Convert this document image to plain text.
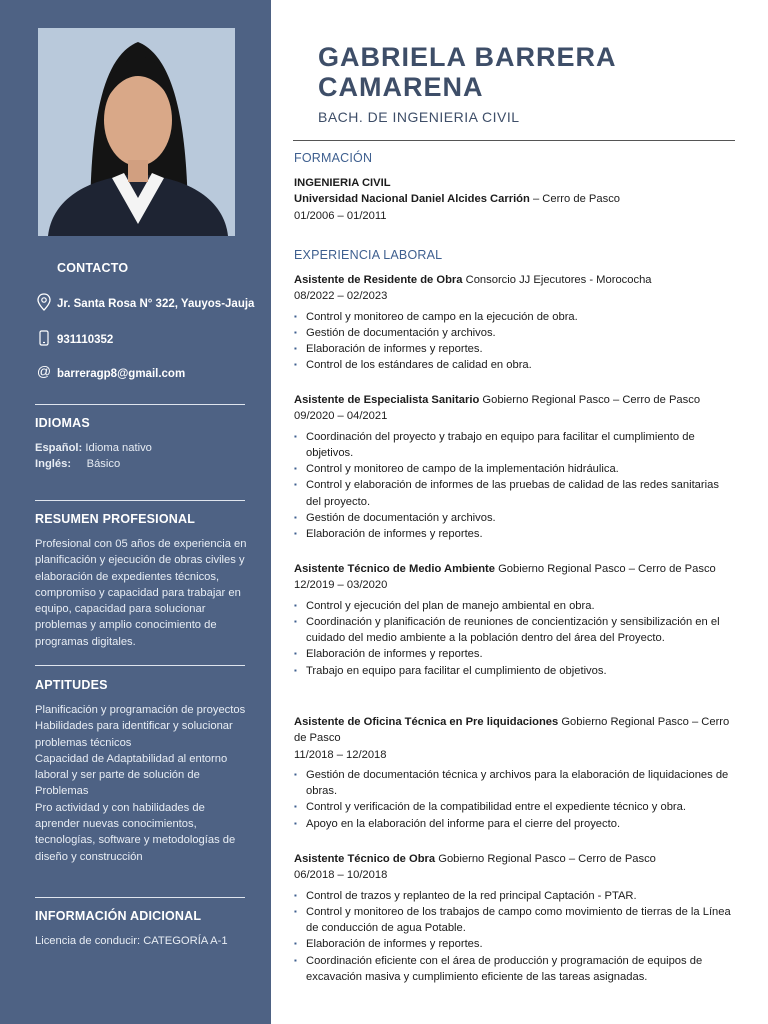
CONTACTO
Jr. Santa Rosa N° 322, Yauyos-Jauja
931110352
@ barreragp8@gmail.com
IDIOMAS
Español: Idioma nativo
Inglés: Básico
RESUMEN PROFESIONAL
Profesional con 05 años de experiencia en planificación y ejecución de obras civiles y elaboración de expedientes técnicos, compromiso y capacidad para trabajar en equipo, capacidad para solucionar problemas y amplio conocimiento de programas digitales.
APTITUDES
Planificación y programación de proyectos
Habilidades para identificar y solucionar problemas técnicos
Capacidad de Adaptabilidad al entorno laboral y ser parte de solución de Problemas
Pro actividad y con habilidades de aprender nuevas conocimientos, tecnologías, software y metodologías de diseño y construcción
INFORMACIÓN ADICIONAL
Licencia de conducir: CATEGORÍA A-1
GABRIELA BARRERA
CAMARENA
BACH. DE INGENIERIA CIVIL
FORMACIÓN
INGENIERIA CIVIL
Universidad Nacional Daniel Alcides Carrión – Cerro de Pasco
01/2006 – 01/2011
EXPERIENCIA LABORAL
Asistente de Residente de Obra Consorcio JJ Ejecutores - Morococha
08/2022 – 02/2023
▪ Control y monitoreo de campo en la ejecución de obra.
▪ Gestión de documentación y archivos.
▪ Elaboración de informes y reportes.
▪ Control de los estándares de calidad en obra.
Asistente de Especialista Sanitario Gobierno Regional Pasco – Cerro de Pasco
09/2020 – 04/2021
▪ Coordinación del proyecto y trabajo en equipo para facilitar el cumplimiento de objetivos.
▪ Control y monitoreo de campo de la implementación hidráulica.
▪ Control y elaboración de informes de las pruebas de calidad de las redes sanitarias del proyecto.
▪ Gestión de documentación y archivos.
▪ Elaboración de informes y reportes.
Asistente Técnico de Medio Ambiente Gobierno Regional Pasco – Cerro de Pasco
12/2019 – 03/2020
▪ Control y ejecución del plan de manejo ambiental en obra.
▪ Coordinación y planificación de reuniones de concientización y sensibilización en el cuidado del medio ambiente a la población dentro del área del Proyecto.
▪ Elaboración de informes y reportes.
▪ Trabajo en equipo para facilitar el cumplimiento de objetivos.
Asistente de Oficina Técnica en Pre liquidaciones Gobierno Regional Pasco – Cerro de Pasco
11/2018 – 12/2018
▪ Gestión de documentación técnica y archivos para la elaboración de liquidaciones de obras.
▪ Control y verificación de la compatibilidad entre el expediente técnico y obra.
▪ Apoyo en la elaboración del informe para el cierre del proyecto.
Asistente Técnico de Obra Gobierno Regional Pasco – Cerro de Pasco
06/2018 – 10/2018
▪ Control de trazos y replanteo de la red principal Captación - PTAR.
▪ Control y monitoreo de los trabajos de campo como movimiento de tierras de la Línea de conducción de agua Potable.
▪ Elaboración de informes y reportes.
▪ Coordinación eficiente con el área de producción y programación de equipos de excavación masiva y cumplimiento eficiente de las tareas asignadas.
